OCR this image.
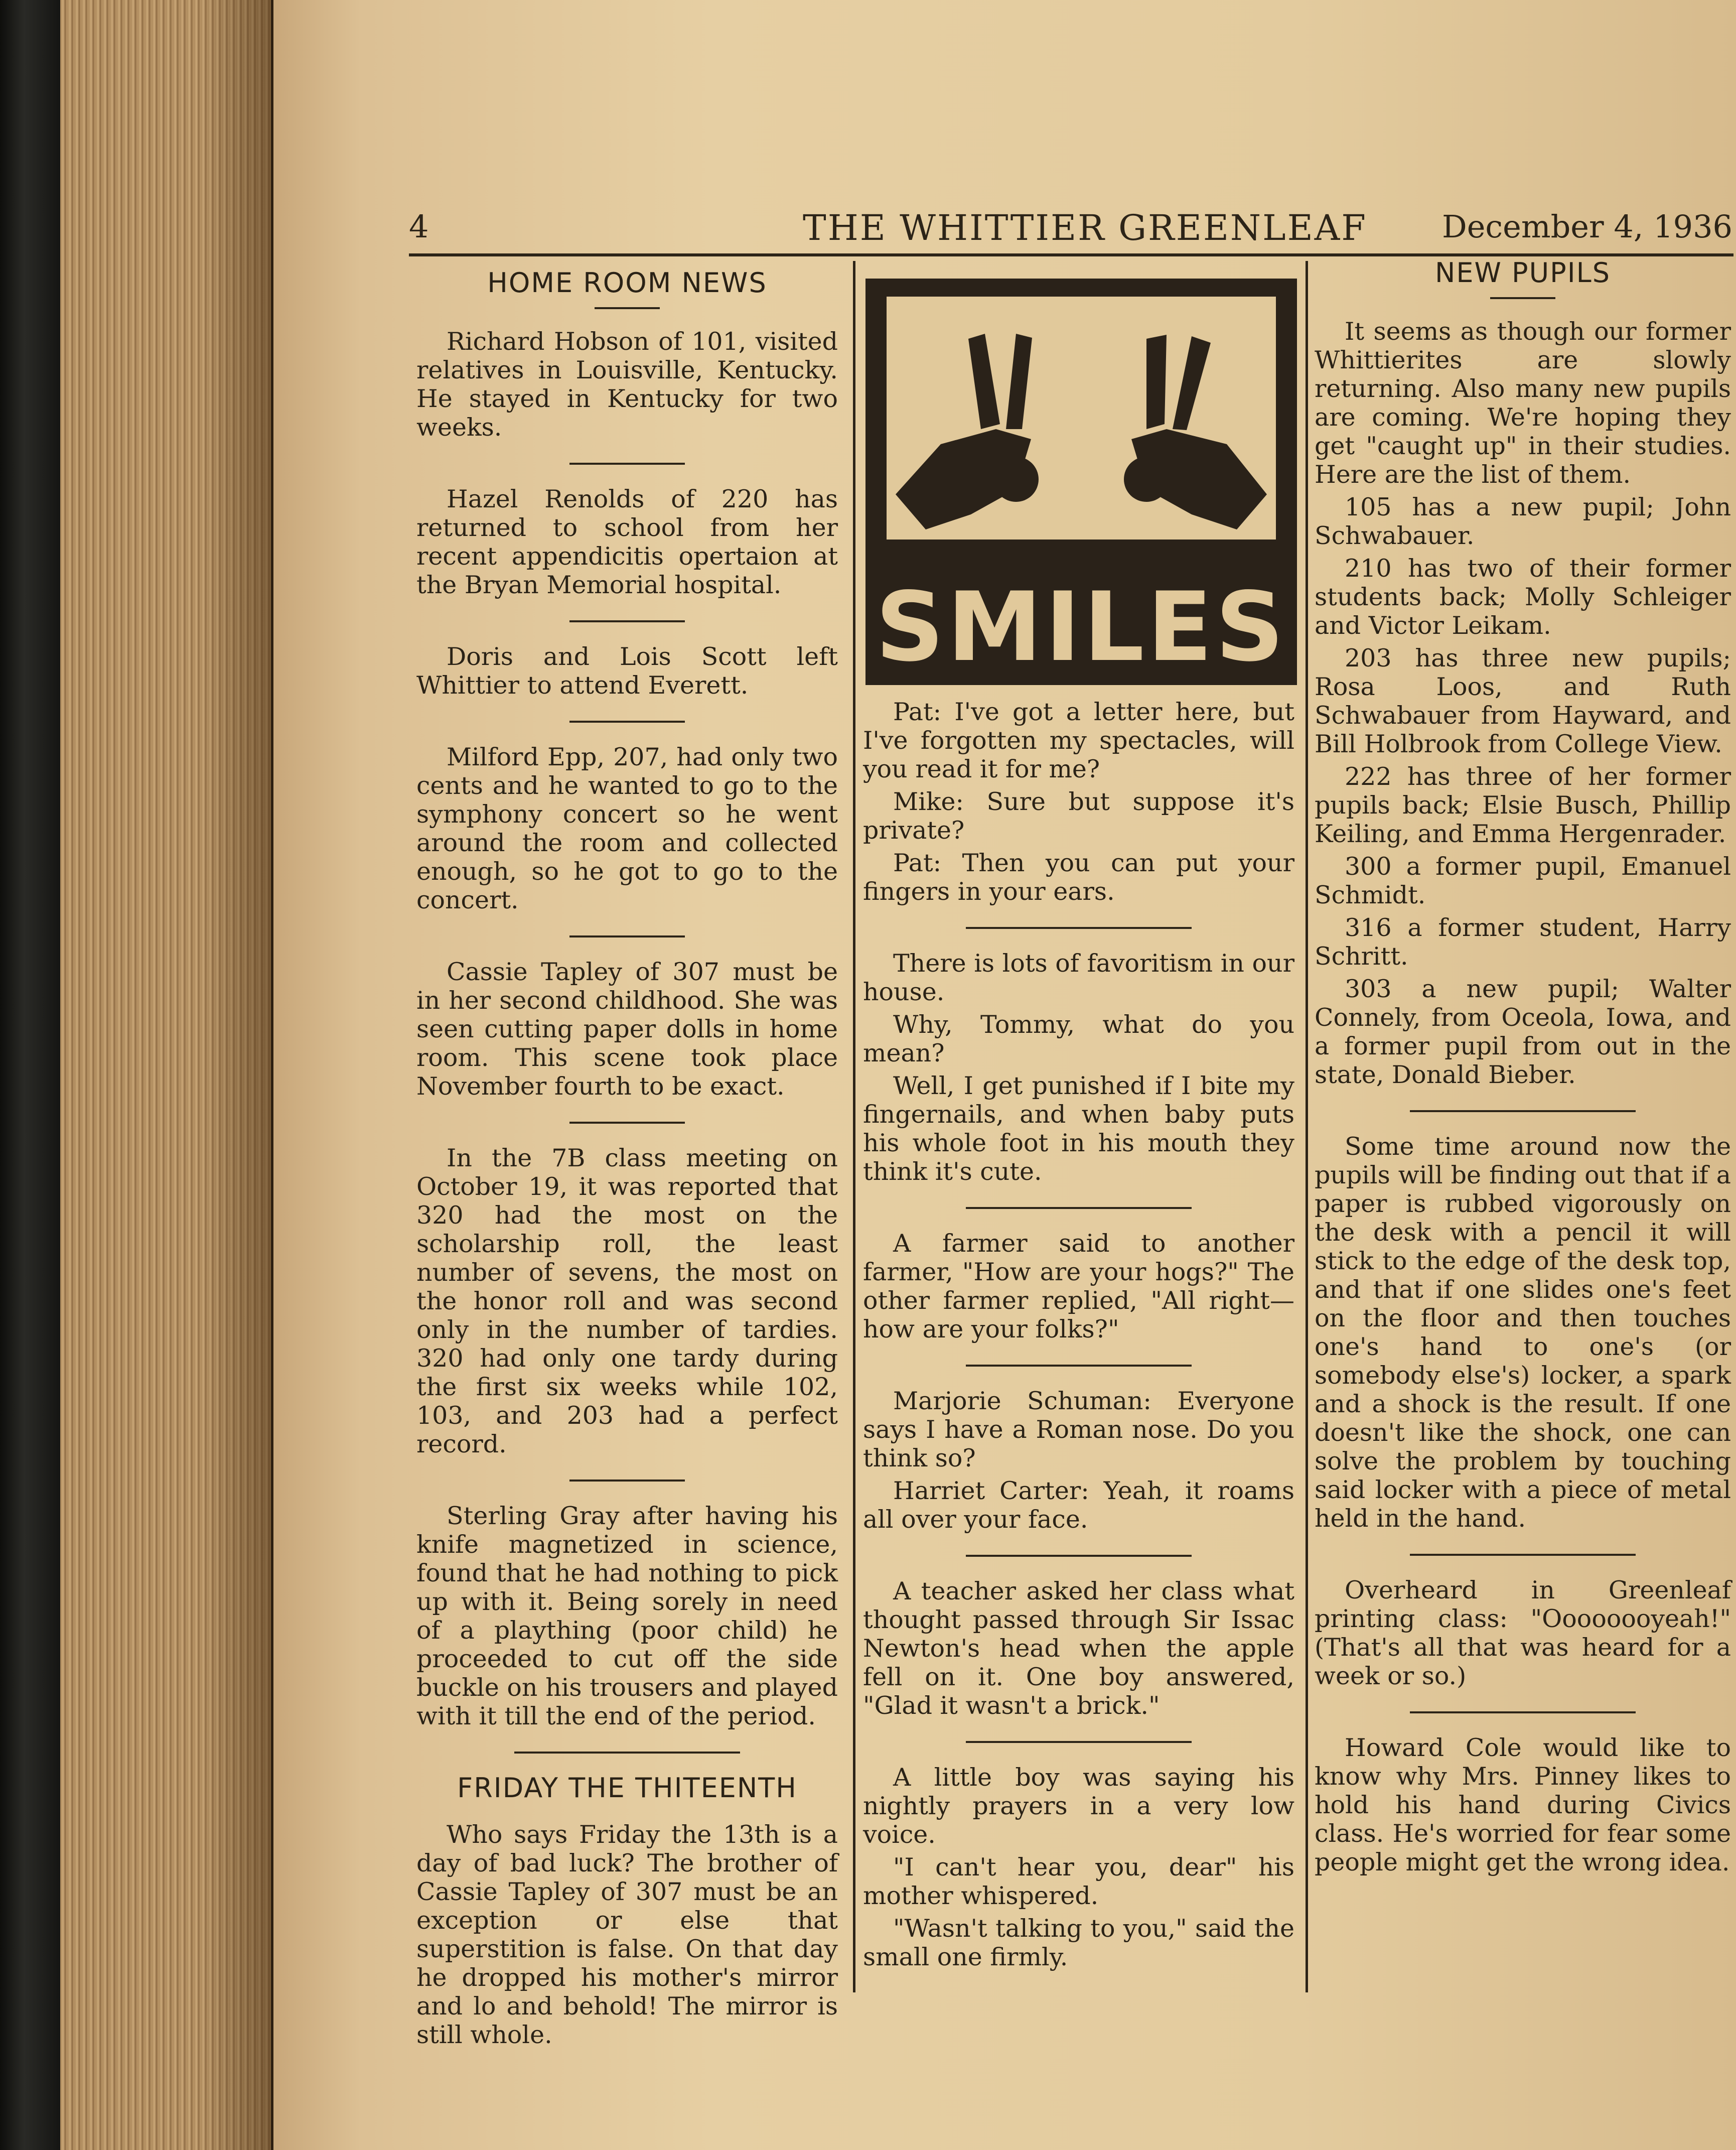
4	THE WHITTIER GREENLEAF December 4, 1936
HOME ROOM NEWS

Richard Hobson of 101, visited relatives in Louisville, Kentucky. He stayed in Kentucky for two weeks.

Hazel Renolds of 220 has returned to school from her recent appendicitis opertaion at the Bryan Memorial hospital.

Doris and Lois Scott left Whittier to attend Everett.

Milford Epp, 207, had only two cents and he wanted to go to the symphony concert so he went around the room and collected enough, so he got to go to the concert.

Cassie Tapley of 307 must be in her second childhood. She was seen cutting paper dolls in home room. This scene took place November fourth to be exact.

In the 7B class meeting on October 19, it was reported that 320 had the most on the scholarship roll, the least number of sevens, the most on the honor roll and was second only in the number of tardies. 320 had only one tardy during the first six weeks while 102, 103, and 203 had a perfect record.

Sterling Gray after having his knife magnetized in science, found that he had nothing to pick up with it. Being sorely in need of a plaything (poor child) he proceeded to cut off the side buckle on his trousers and played with it till the end of the period.

FRIDAY THE THITEENTH

Who says Friday the 13th is a day of bad luck? The brother of Cassie Tapley of 307 must be an exception or else that superstition is false. On that day he dropped his mother's mirror and lo and behold! The mirror is still whole.

SMILES

Pat: I've got a letter here, but I've forgotten my spectacles, will you read it for me?

Mike: Sure but suppose it's private?

Pat: Then you can put your fingers in your ears.

There is lots of favoritism in our house.

Why, Tommy, what do you mean?

Well, I get punished if I bite my fingernails, and when baby puts his whole foot in his mouth they think it's cute.

A farmer said to another farmer, "How are your hogs?" The other farmer replied, "All right—how are your folks?"

Marjorie Schuman: Everyone says I have a Roman nose. Do you think so?

Harriet Carter: Yeah, it roams all over your face.

A teacher asked her class what thought passed through Sir Issac Newton's head when the apple fell on it. One boy answered, "Glad it wasn't a brick."

A little boy was saying his nightly prayers in a very low voice.

"I can't hear you, dear" his mother whispered.

"Wasn't talking to you," said the small one firmly.

NEW PUPILS

It seems as though our former Whittierites are slowly returning. Also many new pupils are coming. We're hoping they get "caught up" in their studies. Here are the list of them.

105 has a new pupil; John Schwabauer.

210 has two of their former students back; Molly Schleiger and Victor Leikam.

203 has three new pupils; Rosa Loos, and Ruth Schwabauer from Hayward, and Bill Holbrook from College View.

222 has three of her former pupils back; Elsie Busch, Phillip Keiling, and Emma Hergenrader.

300 a former pupil, Emanuel Schmidt.

316 a former student, Harry Schritt.

303 a new pupil; Walter Connely, from Oceola, Iowa, and a former pupil from out in the state, Donald Bieber.

Some time around now the pupils will be finding out that if a paper is rubbed vigorously on the desk with a pencil it will stick to the edge of the desk top, and that if one slides one's feet on the floor and then touches one's hand to one's (or somebody else's) locker, a spark and a shock is the result. If one doesn't like the shock, one can solve the problem by touching said locker with a piece of metal held in the hand.

Overheard in Greenleaf printing class: "Oooooooyeah!" (That's all that was heard for a week or so.)

Howard Cole would like to know why Mrs. Pinney likes to hold his hand during Civics class. He's worried for fear some people might get the wrong idea.
